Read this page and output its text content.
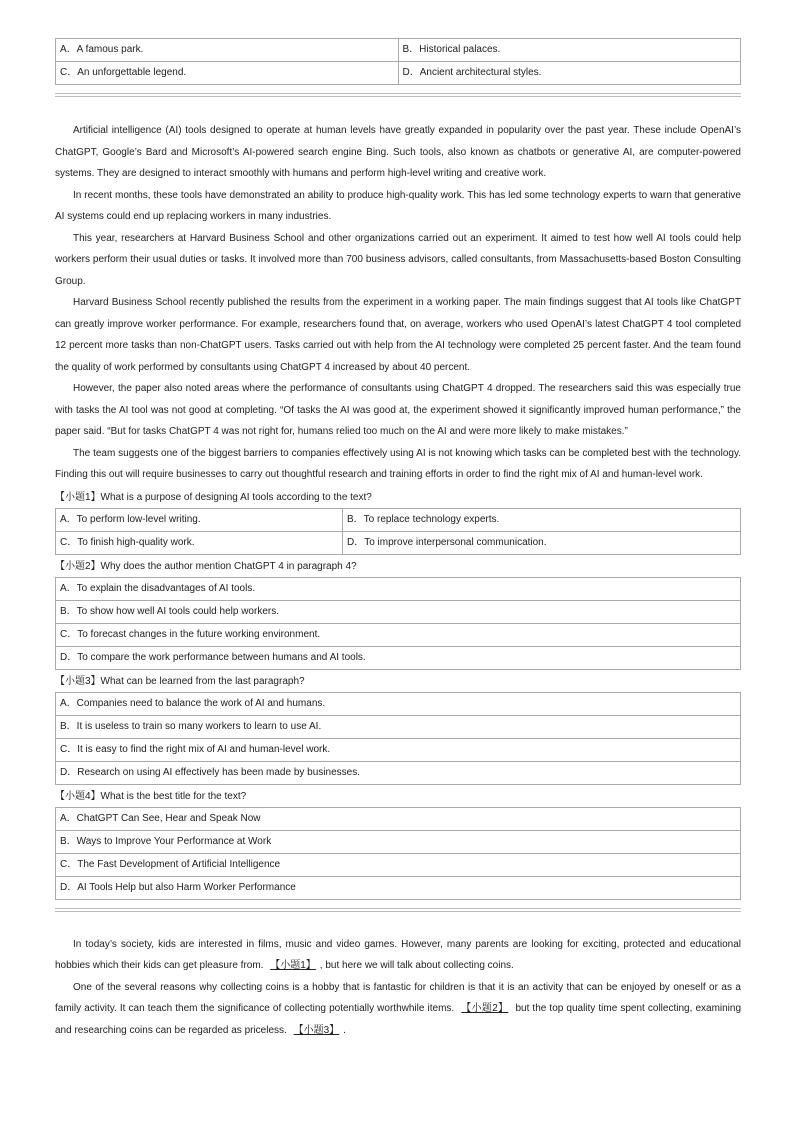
A．A famous park.	B．Historical palaces.
C．An unforgettable legend.	D．Ancient architectural styles.

Artificial intelligence (AI) tools designed to operate at human levels have greatly expanded in popularity over the past year. These include OpenAI’s ChatGPT, Google’s Bard and Microsoft’s AI-powered search engine Bing. Such tools, also known as chatbots or generative AI, are computer-powered systems. They are designed to interact smoothly with humans and perform high-level writing and creative work.

In recent months, these tools have demonstrated an ability to produce high-quality work. This has led some technology experts to warn that generative AI systems could end up replacing workers in many industries.

This year, researchers at Harvard Business School and other organizations carried out an experiment. It aimed to test how well AI tools could help workers perform their usual duties or tasks. It involved more than 700 business advisors, called consultants, from Massachusetts-based Boston Consulting Group.

Harvard Business School recently published the results from the experiment in a working paper. The main findings suggest that AI tools like ChatGPT can greatly improve worker performance. For example, researchers found that, on average, workers who used OpenAI’s latest ChatGPT 4 tool completed 12 percent more tasks than non-ChatGPT users. Tasks carried out with help from the AI technology were completed 25 percent faster. And the team found the quality of work performed by consultants using ChatGPT 4 increased by about 40 percent.

However, the paper also noted areas where the performance of consultants using ChatGPT 4 dropped. The researchers said this was especially true with tasks the AI tool was not good at completing. “Of tasks the AI was good at, the experiment showed it significantly improved human performance,” the paper said. “But for tasks ChatGPT 4 was not right for, humans relied too much on the AI and were more likely to make mistakes.”

The team suggests one of the biggest barriers to companies effectively using AI is not knowing which tasks can be completed best with the technology. Finding this out will require businesses to carry out thoughtful research and training efforts in order to find the right mix of AI and human-level work.

【小题1】What is a purpose of designing AI tools according to the text?

A．To perform low-level writing.	B．To replace technology experts.
C．To finish high-quality work.	D．To improve interpersonal communication.

【小题2】Why does the author mention ChatGPT 4 in paragraph 4?

A．To explain the disadvantages of AI tools.
B．To show how well AI tools could help workers.
C．To forecast changes in the future working environment.
D．To compare the work performance between humans and AI tools.

【小题3】What can be learned from the last paragraph?

A．Companies need to balance the work of AI and humans.
B．It is useless to train so many workers to learn to use AI.
C．It is easy to find the right mix of AI and human-level work.
D．Research on using AI effectively has been made by businesses.

【小题4】What is the best title for the text?

A．ChatGPT Can See, Hear and Speak Now
B．Ways to Improve Your Performance at Work
C．The Fast Development of Artificial Intelligence
D．AI Tools Help but also Harm Worker Performance

In today’s society, kids are interested in films, music and video games. However, many parents are looking for exciting, protected and educational hobbies which their kids can get pleasure from. 【小题1】 , but here we will talk about collecting coins.

One of the several reasons why collecting coins is a hobby that is fantastic for children is that it is an activity that can be enjoyed by oneself or as a family activity. It can teach them the significance of collecting potentially worthwhile items. 【小题2】 but the top quality time spent collecting, examining and researching coins can be regarded as priceless. 【小题3】 .
